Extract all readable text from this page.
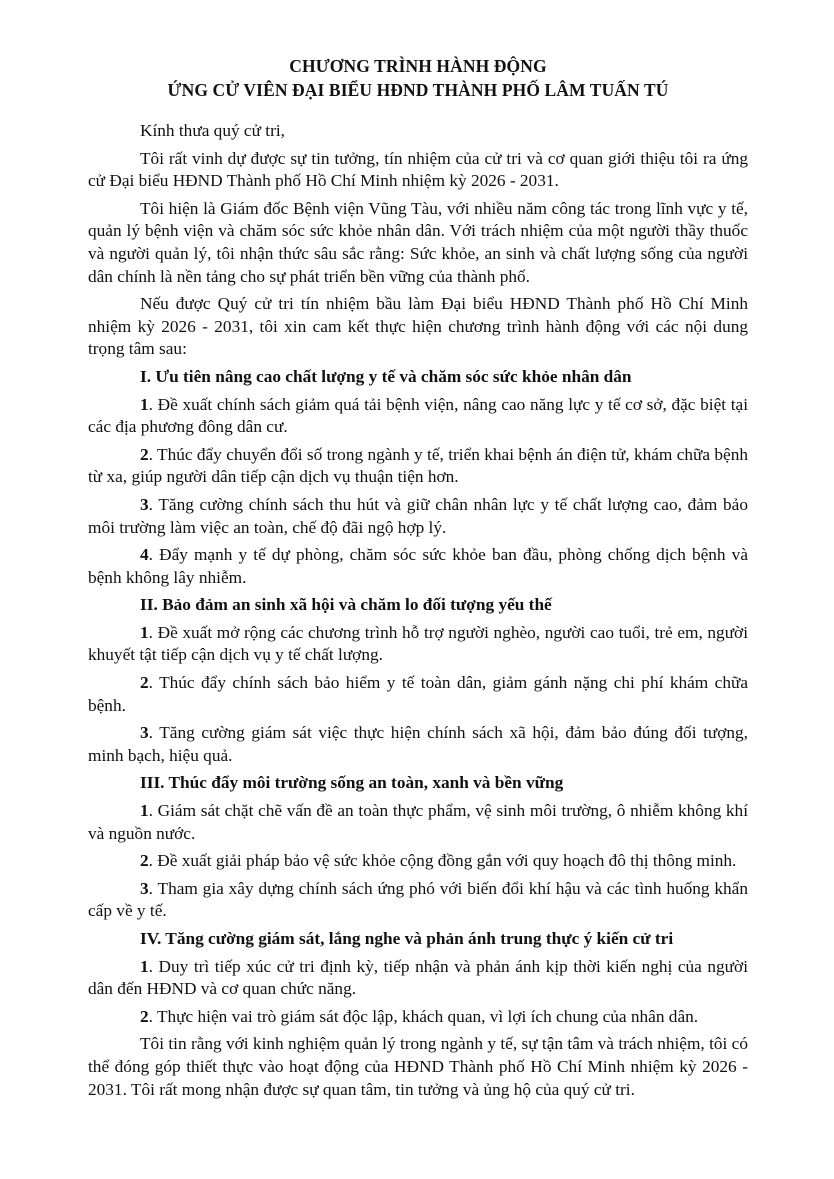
CHƯƠNG TRÌNH HÀNH ĐỘNG
ỨNG CỬ VIÊN ĐẠI BIỂU HĐND THÀNH PHỐ LÂM TUẤN TÚ

Kính thưa quý cử tri,

Tôi rất vinh dự được sự tin tưởng, tín nhiệm của cử tri và cơ quan giới thiệu tôi ra ứng cử Đại biểu HĐND Thành phố Hồ Chí Minh nhiệm kỳ 2026 - 2031.

Tôi hiện là Giám đốc Bệnh viện Vũng Tàu, với nhiều năm công tác trong lĩnh vực y tế, quản lý bệnh viện và chăm sóc sức khỏe nhân dân. Với trách nhiệm của một người thầy thuốc và người quản lý, tôi nhận thức sâu sắc rằng: Sức khỏe, an sinh và chất lượng sống của người dân chính là nền tảng cho sự phát triển bền vững của thành phố.

Nếu được Quý cử tri tín nhiệm bầu làm Đại biểu HĐND Thành phố Hồ Chí Minh nhiệm kỳ 2026 - 2031, tôi xin cam kết thực hiện chương trình hành động với các nội dung trọng tâm sau:

I. Ưu tiên nâng cao chất lượng y tế và chăm sóc sức khỏe nhân dân

1. Đề xuất chính sách giảm quá tải bệnh viện, nâng cao năng lực y tế cơ sở, đặc biệt tại các địa phương đông dân cư.

2. Thúc đẩy chuyển đổi số trong ngành y tế, triển khai bệnh án điện tử, khám chữa bệnh từ xa, giúp người dân tiếp cận dịch vụ thuận tiện hơn.

3. Tăng cường chính sách thu hút và giữ chân nhân lực y tế chất lượng cao, đảm bảo môi trường làm việc an toàn, chế độ đãi ngộ hợp lý.

4. Đẩy mạnh y tế dự phòng, chăm sóc sức khỏe ban đầu, phòng chống dịch bệnh và bệnh không lây nhiễm.

II. Bảo đảm an sinh xã hội và chăm lo đối tượng yếu thế

1. Đề xuất mở rộng các chương trình hỗ trợ người nghèo, người cao tuổi, trẻ em, người khuyết tật tiếp cận dịch vụ y tế chất lượng.

2. Thúc đẩy chính sách bảo hiểm y tế toàn dân, giảm gánh nặng chi phí khám chữa bệnh.

3. Tăng cường giám sát việc thực hiện chính sách xã hội, đảm bảo đúng đối tượng, minh bạch, hiệu quả.

III. Thúc đẩy môi trường sống an toàn, xanh và bền vững

1. Giám sát chặt chẽ vấn đề an toàn thực phẩm, vệ sinh môi trường, ô nhiễm không khí và nguồn nước.

2. Đề xuất giải pháp bảo vệ sức khỏe cộng đồng gắn với quy hoạch đô thị thông minh.

3. Tham gia xây dựng chính sách ứng phó với biến đổi khí hậu và các tình huống khẩn cấp về y tế.

IV. Tăng cường giám sát, lắng nghe và phản ánh trung thực ý kiến cử tri

1. Duy trì tiếp xúc cử tri định kỳ, tiếp nhận và phản ánh kịp thời kiến nghị của người dân đến HĐND và cơ quan chức năng.

2. Thực hiện vai trò giám sát độc lập, khách quan, vì lợi ích chung của nhân dân.

Tôi tin rằng với kinh nghiệm quản lý trong ngành y tế, sự tận tâm và trách nhiệm, tôi có thể đóng góp thiết thực vào hoạt động của HĐND Thành phố Hồ Chí Minh nhiệm kỳ 2026 - 2031. Tôi rất mong nhận được sự quan tâm, tin tưởng và ủng hộ của quý cử tri.
